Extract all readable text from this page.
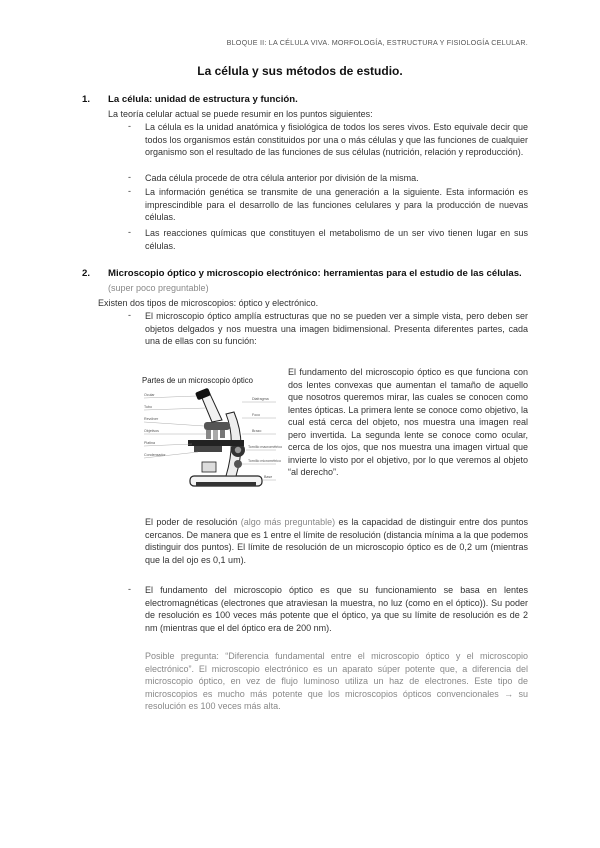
BLOQUE II: LA CÉLULA VIVA. MORFOLOGÍA, ESTRUCTURA Y FISIOLOGÍA CELULAR.
La célula y sus métodos de estudio.
1. La célula: unidad de estructura y función.
La teoría celular actual se puede resumir en los puntos siguientes:
- La célula es la unidad anatómica y fisiológica de todos los seres vivos. Esto equivale decir que todos los organismos están constituidos por una o más células y que las funciones de cualquier organismo son el resultado de las funciones de sus células (nutrición, relación y reproducción).
- Cada célula procede de otra célula anterior por división de la misma.
- La información genética se transmite de una generación a la siguiente. Esta información es imprescindible para el desarrollo de las funciones celulares y para la producción de nuevas células.
- Las reacciones químicas que constituyen el metabolismo de un ser vivo tienen lugar en sus células.
2. Microscopio óptico y microscopio electrónico: herramientas para el estudio de las células. (super poco preguntable)
Existen dos tipos de microscopios: óptico y electrónico.
- El microscopio óptico amplía estructuras que no se pueden ver a simple vista, pero deben ser objetos delgados y nos muestra una imagen bidimensional. Presenta diferentes partes, cada una de ellas con su función:
Partes de un microscopio óptico
Ocular
Tubo
Revólver
Objetivos
Platina
Condensador
Diafragma
Foco
Brazo
Tornillo macrométrico
Tornillo micrométrico
Base
El fundamento del microscopio óptico es que funciona con dos lentes convexas que aumentan el tamaño de aquello que nosotros queremos mirar, las cuales se conocen como lentes ópticas. La primera lente se conoce como objetivo, la cual está cerca del objeto, nos muestra una imagen real pero invertida. La segunda lente se conoce como ocular, cerca de los ojos, que nos muestra una imagen virtual que invierte lo visto por el objetivo, por lo que veremos al objeto “al derecho”.
El poder de resolución (algo más preguntable) es la capacidad de distinguir entre dos puntos cercanos. De manera que es 1 entre el límite de resolución (distancia mínima a la que podemos distinguir dos puntos). El límite de resolución de un microscopio óptico es de 0,2 um (mientras que la del ojo es 0,1 um).
- El fundamento del microscopio óptico es que su funcionamiento se basa en lentes electromagnéticas (electrones que atraviesan la muestra, no luz (como en el óptico)). Su poder de resolución es 100 veces más potente que el óptico, ya que su límite de resolución es de 2 nm (mientras que el del óptico era de 200 nm).
Posible pregunta: “Diferencia fundamental entre el microscopio óptico y el microscopio electrónico”. El microscopio electrónico es un aparato súper potente que, a diferencia del microscopio óptico, en vez de flujo luminoso utiliza un haz de electrones. Este tipo de microscopios es mucho más potente que los microscopios ópticos convencionales → su resolución es 100 veces más alta.
